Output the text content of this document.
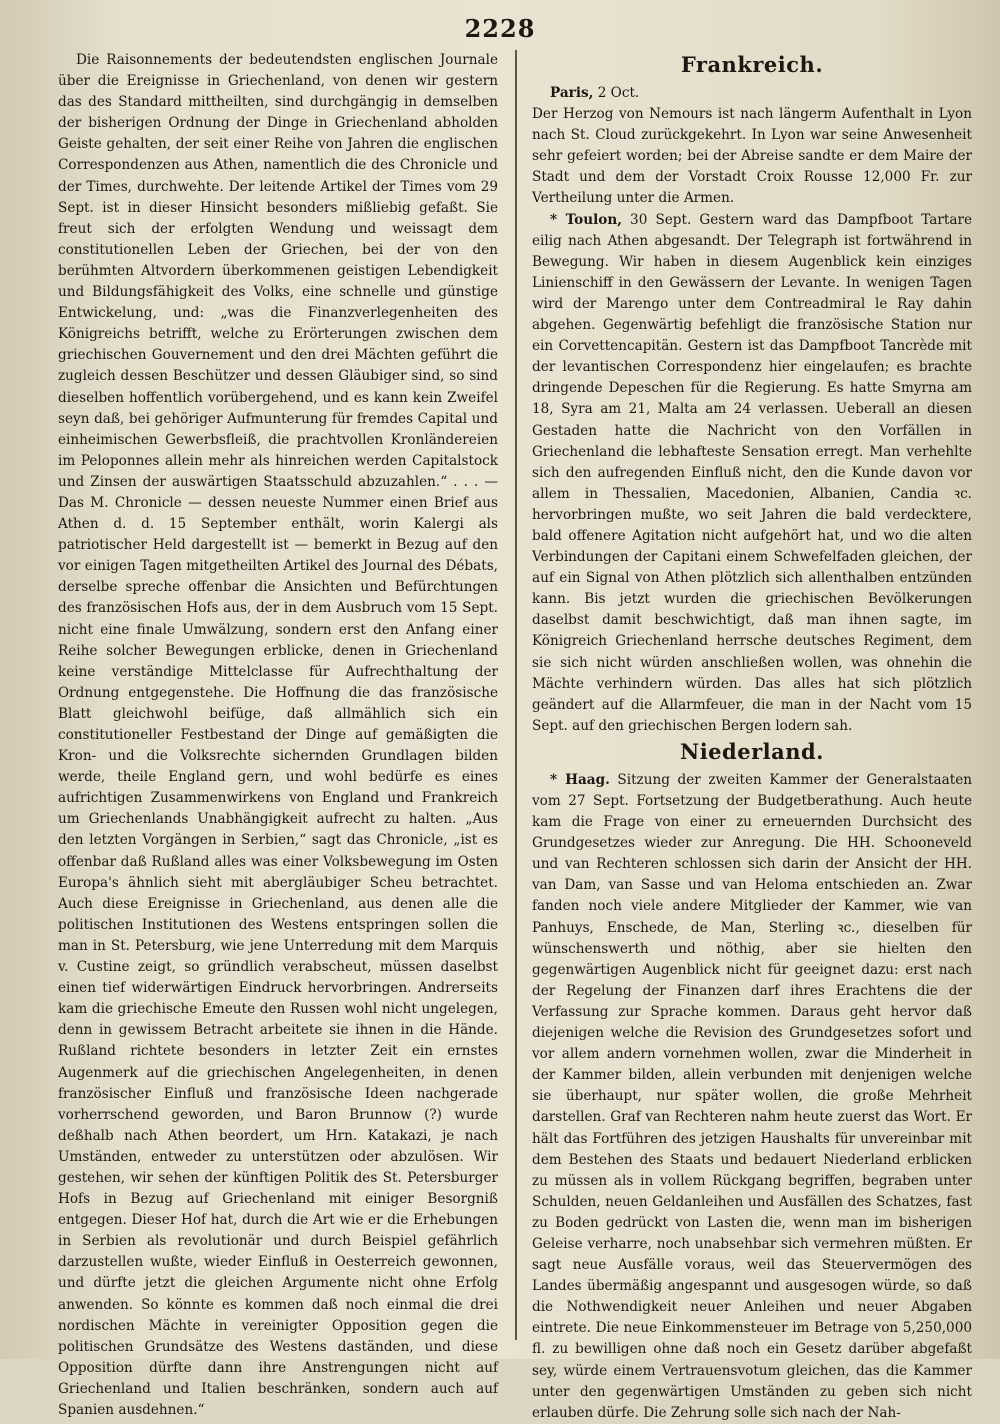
2228

Die Raisonnements der bedeutendsten englischen Journale über die Ereignisse in Griechenland, von denen wir gestern das des Standard mittheilten, sind durchgängig in demselben der bisherigen Ordnung der Dinge in Griechenland abholden Geiste gehalten, der seit einer Reihe von Jahren die englischen Correspondenzen aus Athen, namentlich die des Chronicle und der Times, durchwehte. Der leitende Artikel der Times vom 29 Sept. ist in dieser Hinsicht besonders mißliebig gefaßt. Sie freut sich der erfolgten Wendung und weissagt dem constitutionellen Leben der Griechen, bei der von den berühmten Altvordern überkommenen geistigen Lebendigkeit und Bildungsfähigkeit des Volks, eine schnelle und günstige Entwickelung, und: „was die Finanzverlegenheiten des Königreichs betrifft, welche zu Erörterungen zwischen dem griechischen Gouvernement und den drei Mächten geführt die zugleich dessen Beschützer und dessen Gläubiger sind, so sind dieselben hoffentlich vorübergehend, und es kann kein Zweifel seyn daß, bei gehöriger Aufmunterung für fremdes Capital und einheimischen Gewerbsfleiß, die prachtvollen Kronländereien im Peloponnes allein mehr als hinreichen werden Capitalstock und Zinsen der auswärtigen Staatsschuld abzuzahlen.“ . . . — Das M. Chronicle — dessen neueste Nummer einen Brief aus Athen d. d. 15 September enthält, worin Kalergi als patriotischer Held dargestellt ist — bemerkt in Bezug auf den vor einigen Tagen mitgetheilten Artikel des Journal des Débats, derselbe spreche offenbar die Ansichten und Befürchtungen des französischen Hofs aus, der in dem Ausbruch vom 15 Sept. nicht eine finale Umwälzung, sondern erst den Anfang einer Reihe solcher Bewegungen erblicke, denen in Griechenland keine verständige Mittelclasse für Aufrechthaltung der Ordnung entgegenstehe. Die Hoffnung die das französische Blatt gleichwohl beifüge, daß allmählich sich ein constitutioneller Festbestand der Dinge auf gemäßigten die Kron- und die Volksrechte sichernden Grundlagen bilden werde, theile England gern, und wohl bedürfe es eines aufrichtigen Zusammenwirkens von England und Frankreich um Griechenlands Unabhängigkeit aufrecht zu halten. „Aus den letzten Vorgängen in Serbien,“ sagt das Chronicle, „ist es offenbar daß Rußland alles was einer Volksbewegung im Osten Europa's ähnlich sieht mit abergläubiger Scheu betrachtet. Auch diese Ereignisse in Griechenland, aus denen alle die politischen Institutionen des Westens entspringen sollen die man in St. Petersburg, wie jene Unterredung mit dem Marquis v. Custine zeigt, so gründlich verabscheut, müssen daselbst einen tief widerwärtigen Eindruck hervorbringen. Andrerseits kam die griechische Emeute den Russen wohl nicht ungelegen, denn in gewissem Betracht arbeitete sie ihnen in die Hände. Rußland richtete besonders in letzter Zeit ein ernstes Augenmerk auf die griechischen Angelegenheiten, in denen französischer Einfluß und französische Ideen nachgerade vorherrschend geworden, und Baron Brunnow (?) wurde deßhalb nach Athen beordert, um Hrn. Katakazi, je nach Umständen, entweder zu unterstützen oder abzulösen. Wir gestehen, wir sehen der künftigen Politik des St. Petersburger Hofs in Bezug auf Griechenland mit einiger Besorgniß entgegen. Dieser Hof hat, durch die Art wie er die Erhebungen in Serbien als revolutionär und durch Beispiel gefährlich darzustellen wußte, wieder Einfluß in Oesterreich gewonnen, und dürfte jetzt die gleichen Argumente nicht ohne Erfolg anwenden. So könnte es kommen daß noch einmal die drei nordischen Mächte in vereinigter Opposition gegen die politischen Grundsätze des Westens daständen, und diese Opposition dürfte dann ihre Anstrengungen nicht auf Griechenland und Italien beschränken, sondern auch auf Spanien ausdehnen.“

Frankreich.

Paris, 2 Oct.

Der Herzog von Nemours ist nach längerm Aufenthalt in Lyon nach St. Cloud zurückgekehrt. In Lyon war seine Anwesenheit sehr gefeiert worden; bei der Abreise sandte er dem Maire der Stadt und dem der Vorstadt Croix Rousse 12,000 Fr. zur Vertheilung unter die Armen.

* Toulon, 30 Sept. Gestern ward das Dampfboot Tartare eilig nach Athen abgesandt. Der Telegraph ist fortwährend in Bewegung. Wir haben in diesem Augenblick kein einziges Linienschiff in den Gewässern der Levante. In wenigen Tagen wird der Marengo unter dem Contreadmiral le Ray dahin abgehen. Gegenwärtig befehligt die französische Station nur ein Corvettencapitän. Gestern ist das Dampfboot Tancrède mit der levantischen Correspondenz hier eingelaufen; es brachte dringende Depeschen für die Regierung. Es hatte Smyrna am 18, Syra am 21, Malta am 24 verlassen. Ueberall an diesen Gestaden hatte die Nachricht von den Vorfällen in Griechenland die lebhafteste Sensation erregt. Man verhehlte sich den aufregenden Einfluß nicht, den die Kunde davon vor allem in Thessalien, Macedonien, Albanien, Candia ꝛc. hervorbringen mußte, wo seit Jahren die bald verdecktere, bald offenere Agitation nicht aufgehört hat, und wo die alten Verbindungen der Capitani einem Schwefelfaden gleichen, der auf ein Signal von Athen plötzlich sich allenthalben entzünden kann. Bis jetzt wurden die griechischen Bevölkerungen daselbst damit beschwichtigt, daß man ihnen sagte, im Königreich Griechenland herrsche deutsches Regiment, dem sie sich nicht würden anschließen wollen, was ohnehin die Mächte verhindern würden. Das alles hat sich plötzlich geändert auf die Allarmfeuer, die man in der Nacht vom 15 Sept. auf den griechischen Bergen lodern sah.

Niederland.

* Haag. Sitzung der zweiten Kammer der Generalstaaten vom 27 Sept. Fortsetzung der Budgetberathung. Auch heute kam die Frage von einer zu erneuernden Durchsicht des Grundgesetzes wieder zur Anregung. Die HH. Schooneveld und van Rechteren schlossen sich darin der Ansicht der HH. van Dam, van Sasse und van Heloma entschieden an. Zwar fanden noch viele andere Mitglieder der Kammer, wie van Panhuys, Enschede, de Man, Sterling ꝛc., dieselben für wünschenswerth und nöthig, aber sie hielten den gegenwärtigen Augenblick nicht für geeignet dazu: erst nach der Regelung der Finanzen darf ihres Erachtens die der Verfassung zur Sprache kommen. Daraus geht hervor daß diejenigen welche die Revision des Grundgesetzes sofort und vor allem andern vornehmen wollen, zwar die Minderheit in der Kammer bilden, allein verbunden mit denjenigen welche sie überhaupt, nur später wollen, die große Mehrheit darstellen. Graf van Rechteren nahm heute zuerst das Wort. Er hält das Fortführen des jetzigen Haushalts für unvereinbar mit dem Bestehen des Staats und bedauert Niederland erblicken zu müssen als in vollem Rückgang begriffen, begraben unter Schulden, neuen Geldanleihen und Ausfällen des Schatzes, fast zu Boden gedrückt von Lasten die, wenn man im bisherigen Geleise verharre, noch unabsehbar sich vermehren müßten. Er sagt neue Ausfälle voraus, weil das Steuervermögen des Landes übermäßig angespannt und ausgesogen würde, so daß die Nothwendigkeit neuer Anleihen und neuer Abgaben eintrete. Die neue Einkommensteuer im Betrage von 5,250,000 fl. zu bewilligen ohne daß noch ein Gesetz darüber abgefaßt sey, würde einem Vertrauensvotum gleichen, das die Kammer unter den gegenwärtigen Umständen zu geben sich nicht erlauben dürfe. Die Zehrung solle sich nach der Nah-
